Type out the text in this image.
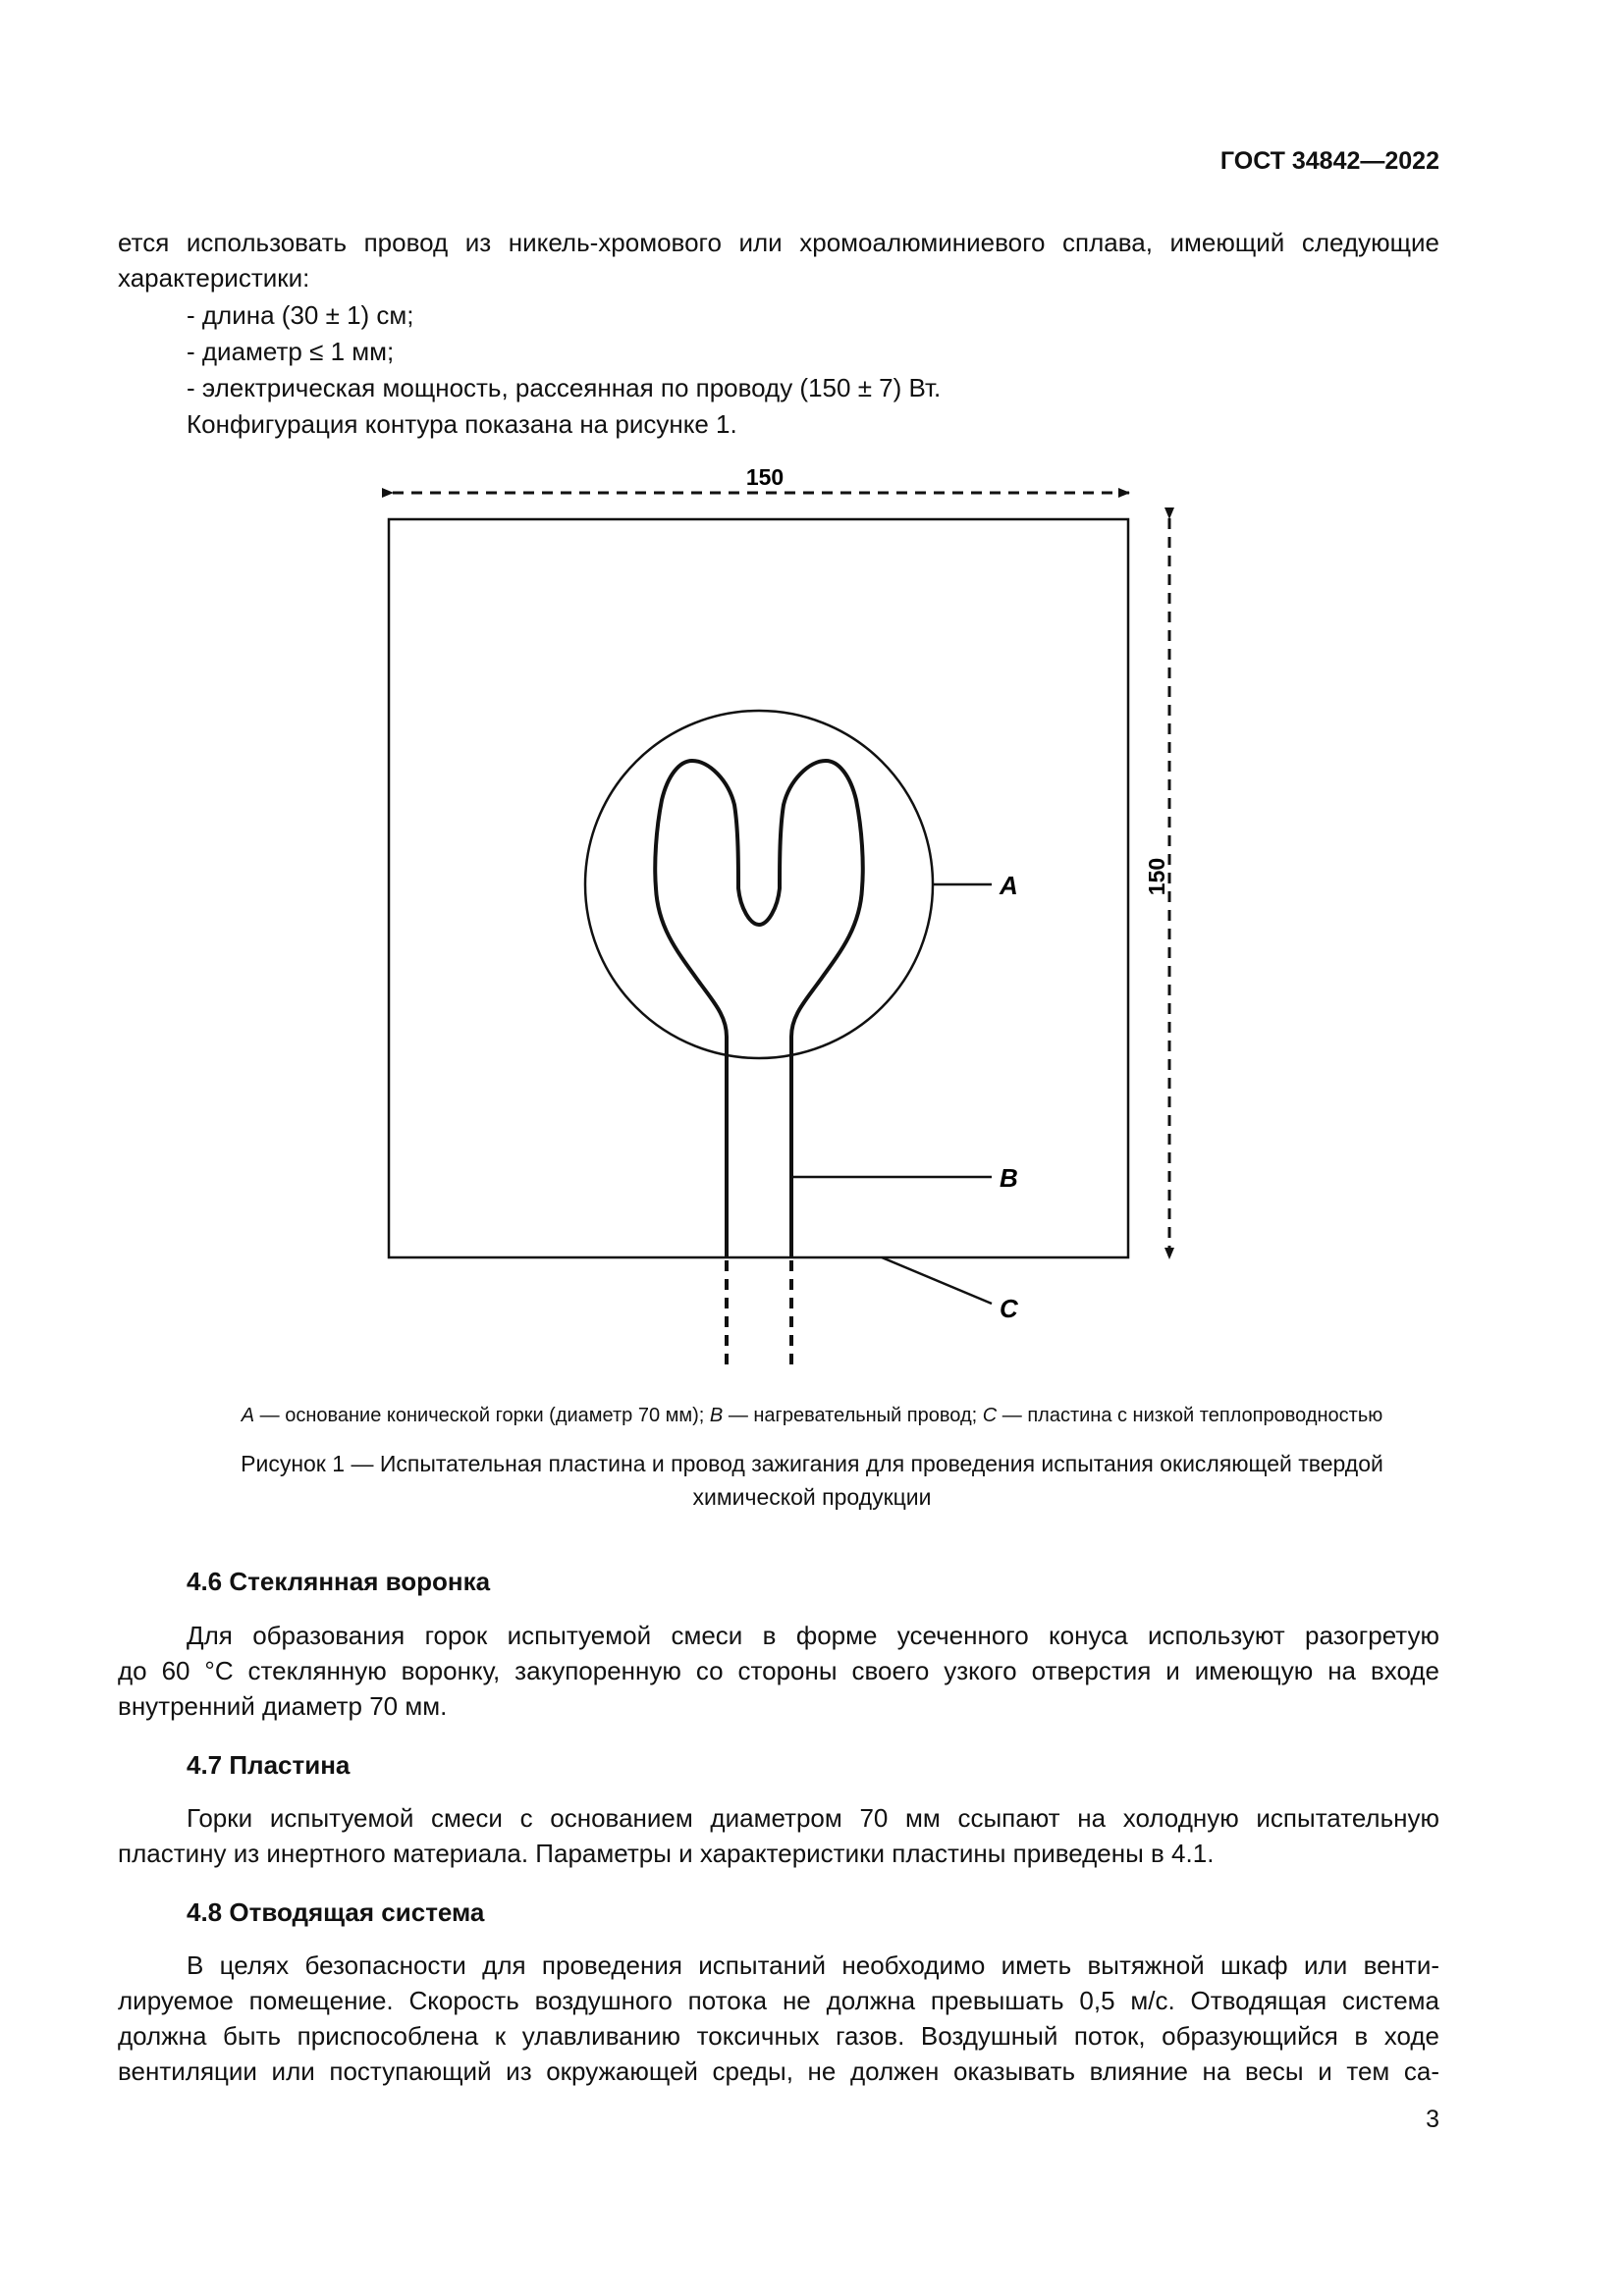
ГОСТ 34842—2022
ется использовать провод из никель-хромового или хромоалюминиевого сплава, имеющий следующие
характеристики:
- длина (30 ± 1) см;
- диаметр ≤ 1 мм;
- электрическая мощность, рассеянная по проводу (150 ± 7) Вт.
Конфигурация контура показана на рисунке 1.
150
150
A
B
C
A — основание конической горки (диаметр 70 мм); B — нагревательный провод; C — пластина с низкой теплопроводностью
Рисунок 1 — Испытательная пластина и провод зажигания для проведения испытания окисляющей твердой
химической продукции
4.6 Стеклянная воронка
Для образования горок испытуемой смеси в форме усеченного конуса используют разогретую
до 60 °С стеклянную воронку, закупоренную со стороны своего узкого отверстия и имеющую на входе
внутренний диаметр 70 мм.
4.7 Пластина
Горки испытуемой смеси с основанием диаметром 70 мм ссыпают на холодную испытательную
пластину из инертного материала. Параметры и характеристики пластины приведены в 4.1.
4.8 Отводящая система
В целях безопасности для проведения испытаний необходимо иметь вытяжной шкаф или венти-
лируемое помещение. Скорость воздушного потока не должна превышать 0,5 м/с. Отводящая система
должна быть приспособлена к улавливанию токсичных газов. Воздушный поток, образующийся в ходе
вентиляции или поступающий из окружающей среды, не должен оказывать влияние на весы и тем са-
3
